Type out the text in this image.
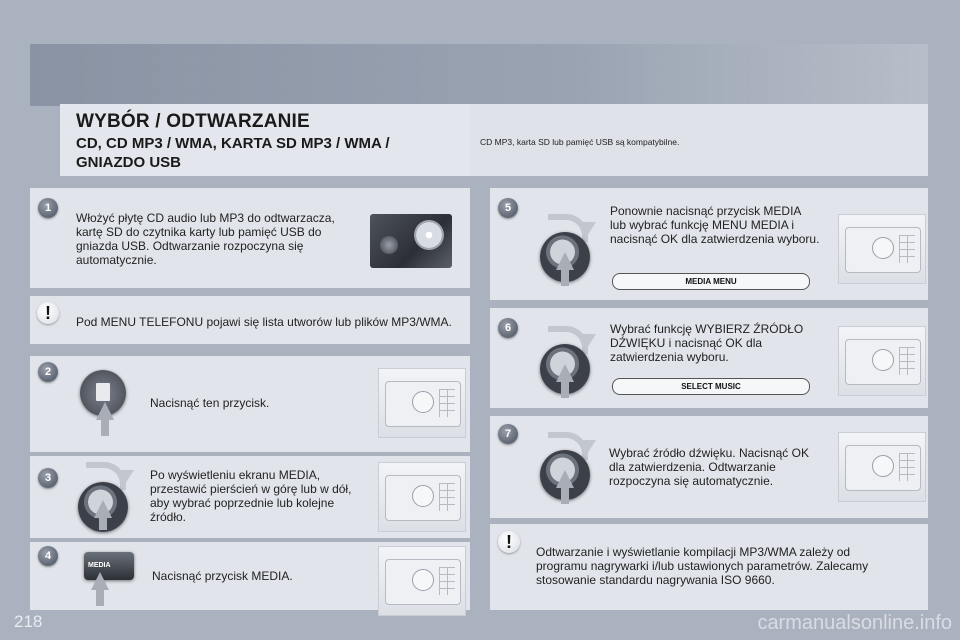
WYBÓR / ODTWARZANIE
CD, CD MP3 / WMA, KARTA SD MP3 / WMA / GNIAZDO USB
CD MP3, karta SD lub pamięć USB są kompatybilne.
1
Włożyć płytę CD audio lub MP3 do odtwarzacza, kartę SD do czytnika karty lub pamięć USB do gniazda USB. Odtwarzanie rozpoczyna się automatycznie.
!	Pod MENU TELEFONU pojawi się lista utworów lub plików MP3/WMA.
2
Nacisnąć ten przycisk.
3	Po wyświetleniu ekranu MEDIA, przestawić pierścień w górę lub w dół, aby wybrać poprzednie lub kolejne źródło.
4
MEDIA
Nacisnąć przycisk MEDIA.
5	Ponownie nacisnąć przycisk MEDIA lub wybrać funkcję MENU MEDIA i nacisnąć OK dla zatwierdzenia wyboru.
MEDIA MENU
6	Wybrać funkcję WYBIERZ ŹRÓDŁO DŹWIĘKU i nacisnąć OK dla zatwierdzenia wyboru.
SELECT MUSIC
7
Wybrać źródło dźwięku. Nacisnąć OK dla zatwierdzenia. Odtwarzanie rozpoczyna się automatycznie.
!	Odtwarzanie i wyświetlanie kompilacji MP3/WMA zależy od programu nagrywarki i/lub ustawionych parametrów. Zalecamy stosowanie standardu nagrywania ISO 9660.
218	carmanualsonline.info
